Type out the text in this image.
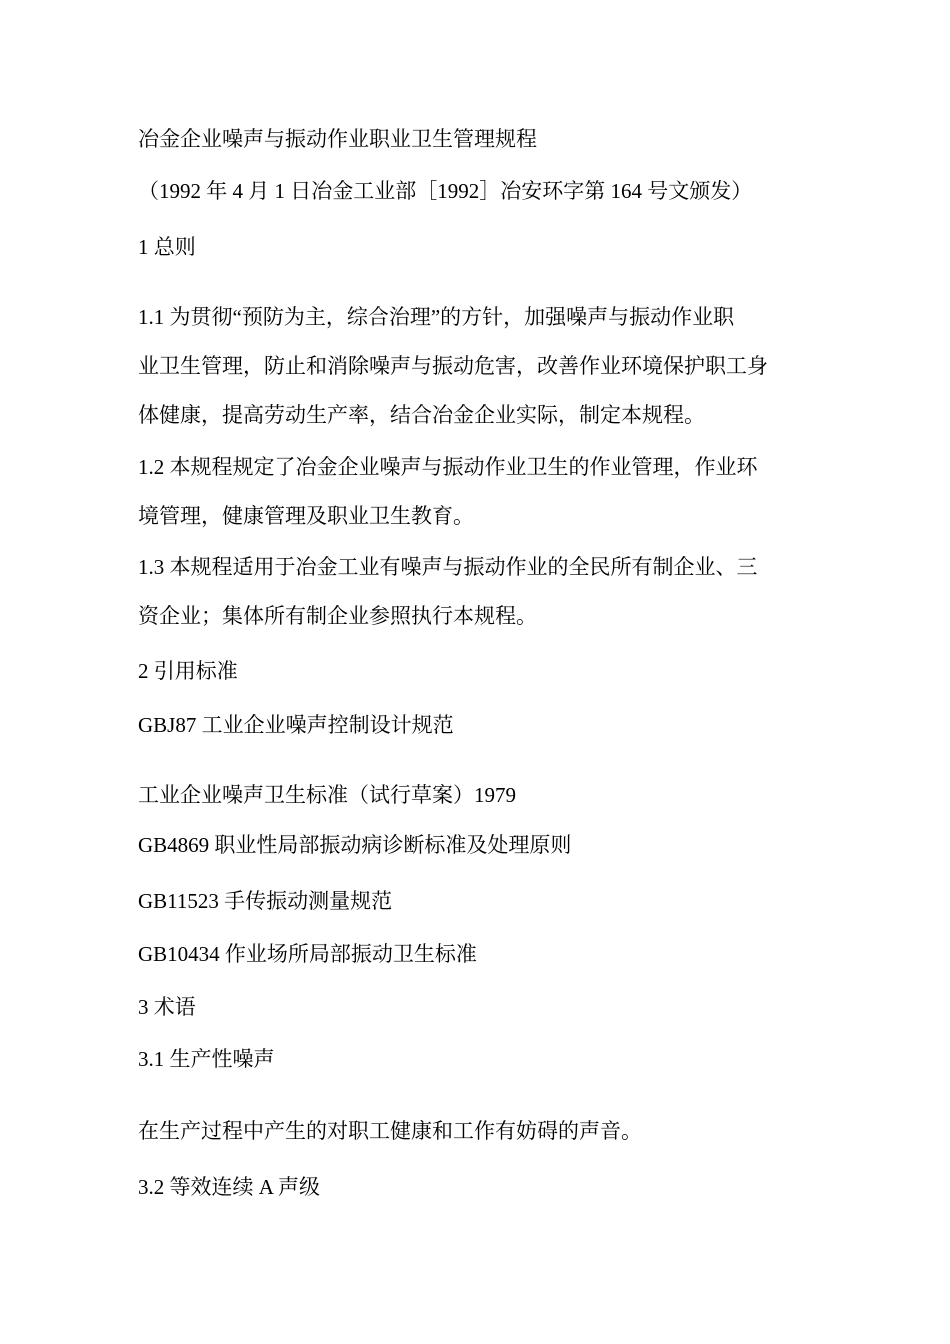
冶金企业噪声与振动作业职业卫生管理规程
（1992 年 4 月 1 日冶金工业部［1992］冶安环字第 164 号文颁发）
1 总则
1.1 为贯彻“预防为主，综合治理”的方针，加强噪声与振动作业职
业卫生管理，防止和消除噪声与振动危害，改善作业环境保护职工身
体健康，提高劳动生产率，结合冶金企业实际，制定本规程。
1.2 本规程规定了冶金企业噪声与振动作业卫生的作业管理，作业环
境管理，健康管理及职业卫生教育。
1.3 本规程适用于冶金工业有噪声与振动作业的全民所有制企业、三
资企业；集体所有制企业参照执行本规程。
2 引用标准
GBJ87 工业企业噪声控制设计规范
工业企业噪声卫生标准（试行草案）1979
GB4869 职业性局部振动病诊断标准及处理原则
GB11523 手传振动测量规范
GB10434 作业场所局部振动卫生标准
3 术语
3.1 生产性噪声
在生产过程中产生的对职工健康和工作有妨碍的声音。
3.2 等效连续 A 声级
